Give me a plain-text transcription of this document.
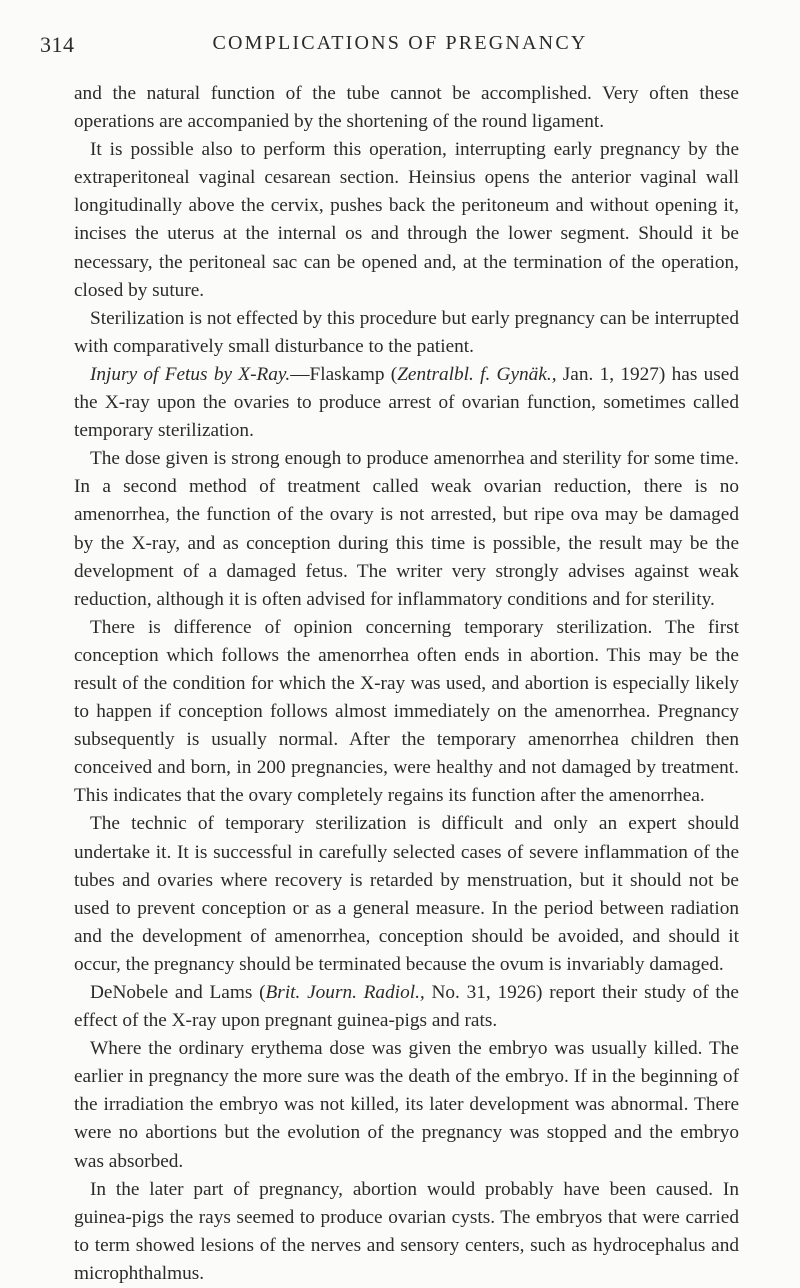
314	COMPLICATIONS OF PREGNANCY

and the natural function of the tube cannot be accomplished. Very often these operations are accompanied by the shortening of the round ligament.

It is possible also to perform this operation, interrupting early pregnancy by the extraperitoneal vaginal cesarean section. Heinsius opens the anterior vaginal wall longitudinally above the cervix, pushes back the peritoneum and without opening it, incises the uterus at the internal os and through the lower segment. Should it be necessary, the peritoneal sac can be opened and, at the termination of the operation, closed by suture.

Sterilization is not effected by this procedure but early pregnancy can be interrupted with comparatively small disturbance to the patient.

Injury of Fetus by X-Ray.—Flaskamp (Zentralbl. f. Gynäk., Jan. 1, 1927) has used the X-ray upon the ovaries to produce arrest of ovarian function, sometimes called temporary sterilization.

The dose given is strong enough to produce amenorrhea and sterility for some time. In a second method of treatment called weak ovarian reduction, there is no amenorrhea, the function of the ovary is not arrested, but ripe ova may be damaged by the X-ray, and as conception during this time is possible, the result may be the development of a damaged fetus. The writer very strongly advises against weak reduction, although it is often advised for inflammatory conditions and for sterility.

There is difference of opinion concerning temporary sterilization. The first conception which follows the amenorrhea often ends in abortion. This may be the result of the condition for which the X-ray was used, and abortion is especially likely to happen if conception follows almost immediately on the amenorrhea. Pregnancy subsequently is usually normal. After the temporary amenorrhea children then conceived and born, in 200 pregnancies, were healthy and not damaged by treatment. This indicates that the ovary completely regains its function after the amenorrhea.

The technic of temporary sterilization is difficult and only an expert should undertake it. It is successful in carefully selected cases of severe inflammation of the tubes and ovaries where recovery is retarded by menstruation, but it should not be used to prevent conception or as a general measure. In the period between radiation and the development of amenorrhea, conception should be avoided, and should it occur, the pregnancy should be terminated because the ovum is invariably damaged.

DeNobele and Lams (Brit. Journ. Radiol., No. 31, 1926) report their study of the effect of the X-ray upon pregnant guinea-pigs and rats.

Where the ordinary erythema dose was given the embryo was usually killed. The earlier in pregnancy the more sure was the death of the embryo. If in the beginning of the irradiation the embryo was not killed, its later development was abnormal. There were no abortions but the evolution of the pregnancy was stopped and the embryo was absorbed.

In the later part of pregnancy, abortion would probably have been caused. In guinea-pigs the rays seemed to produce ovarian cysts. The embryos that were carried to term showed lesions of the nerves and sensory centers, such as hydrocephalus and microphthalmus.
